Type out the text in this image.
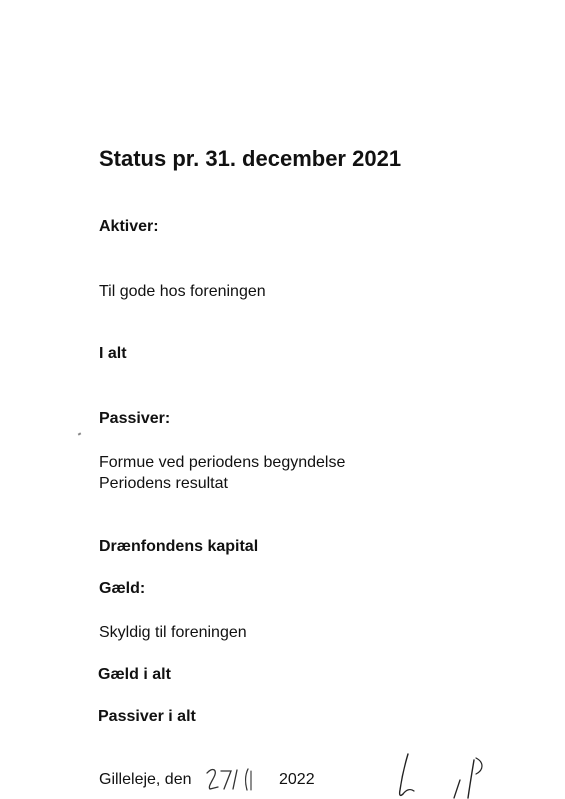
Status pr. 31. december 2021
Aktiver:
Til gode hos foreningen
I alt
Passiver:
Formue ved periodens begyndelse
Periodens resultat
Drænfondens kapital
Gæld:
Skyldig til foreningen
Gæld i alt
Passiver i alt
Gilleleje, den	2022
